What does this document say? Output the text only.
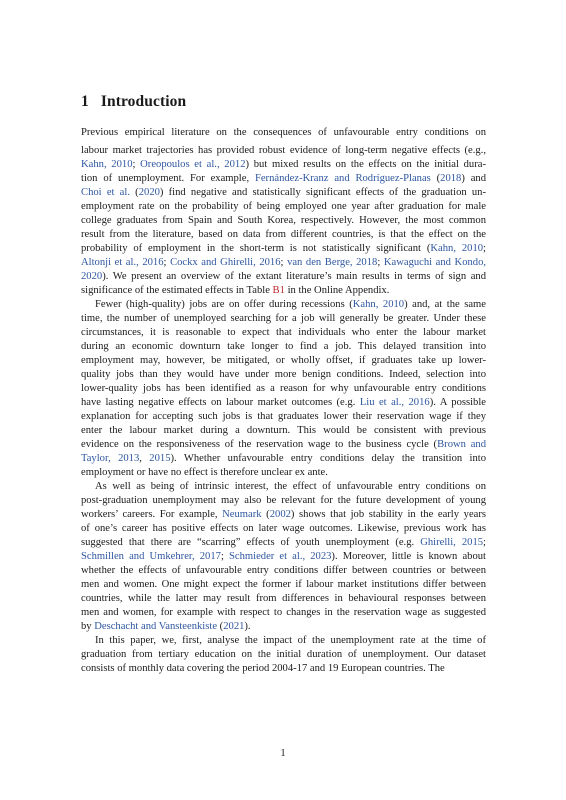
1 Introduction
Previous empirical literature on the consequences of unfavourable entry conditions on
labour market trajectories has provided robust evidence of long-term negative effects (e.g.,
Kahn, 2010; Oreopoulos et al., 2012) but mixed results on the effects on the initial dura-
tion of unemployment. For example, Fernández-Kranz and Rodríguez-Planas (2018) and
Choi et al. (2020) find negative and statistically significant effects of the graduation un-
employment rate on the probability of being employed one year after graduation for male
college graduates from Spain and South Korea, respectively. However, the most common
result from the literature, based on data from different countries, is that the effect on the
probability of employment in the short-term is not statistically significant (Kahn, 2010;
Altonji et al., 2016; Cockx and Ghirelli, 2016; van den Berge, 2018; Kawaguchi and Kondo,
2020). We present an overview of the extant literature’s main results in terms of sign and
significance of the estimated effects in Table B1 in the Online Appendix.
Fewer (high-quality) jobs are on offer during recessions (Kahn, 2010) and, at the same
time, the number of unemployed searching for a job will generally be greater. Under these
circumstances, it is reasonable to expect that individuals who enter the labour market
during an economic downturn take longer to find a job. This delayed transition into
employment may, however, be mitigated, or wholly offset, if graduates take up lower-
quality jobs than they would have under more benign conditions. Indeed, selection into
lower-quality jobs has been identified as a reason for why unfavourable entry conditions
have lasting negative effects on labour market outcomes (e.g. Liu et al., 2016). A possible
explanation for accepting such jobs is that graduates lower their reservation wage if they
enter the labour market during a downturn. This would be consistent with previous
evidence on the responsiveness of the reservation wage to the business cycle (Brown and
Taylor, 2013, 2015). Whether unfavourable entry conditions delay the transition into
employment or have no effect is therefore unclear ex ante.
As well as being of intrinsic interest, the effect of unfavourable entry conditions on
post-graduation unemployment may also be relevant for the future development of young
workers’ careers. For example, Neumark (2002) shows that job stability in the early years
of one’s career has positive effects on later wage outcomes. Likewise, previous work has
suggested that there are “scarring” effects of youth unemployment (e.g. Ghirelli, 2015;
Schmillen and Umkehrer, 2017; Schmieder et al., 2023). Moreover, little is known about
whether the effects of unfavourable entry conditions differ between countries or between
men and women. One might expect the former if labour market institutions differ between
countries, while the latter may result from differences in behavioural responses between
men and women, for example with respect to changes in the reservation wage as suggested
by Deschacht and Vansteenkiste (2021).
In this paper, we, first, analyse the impact of the unemployment rate at the time of
graduation from tertiary education on the initial duration of unemployment. Our dataset
consists of monthly data covering the period 2004-17 and 19 European countries. The
1
